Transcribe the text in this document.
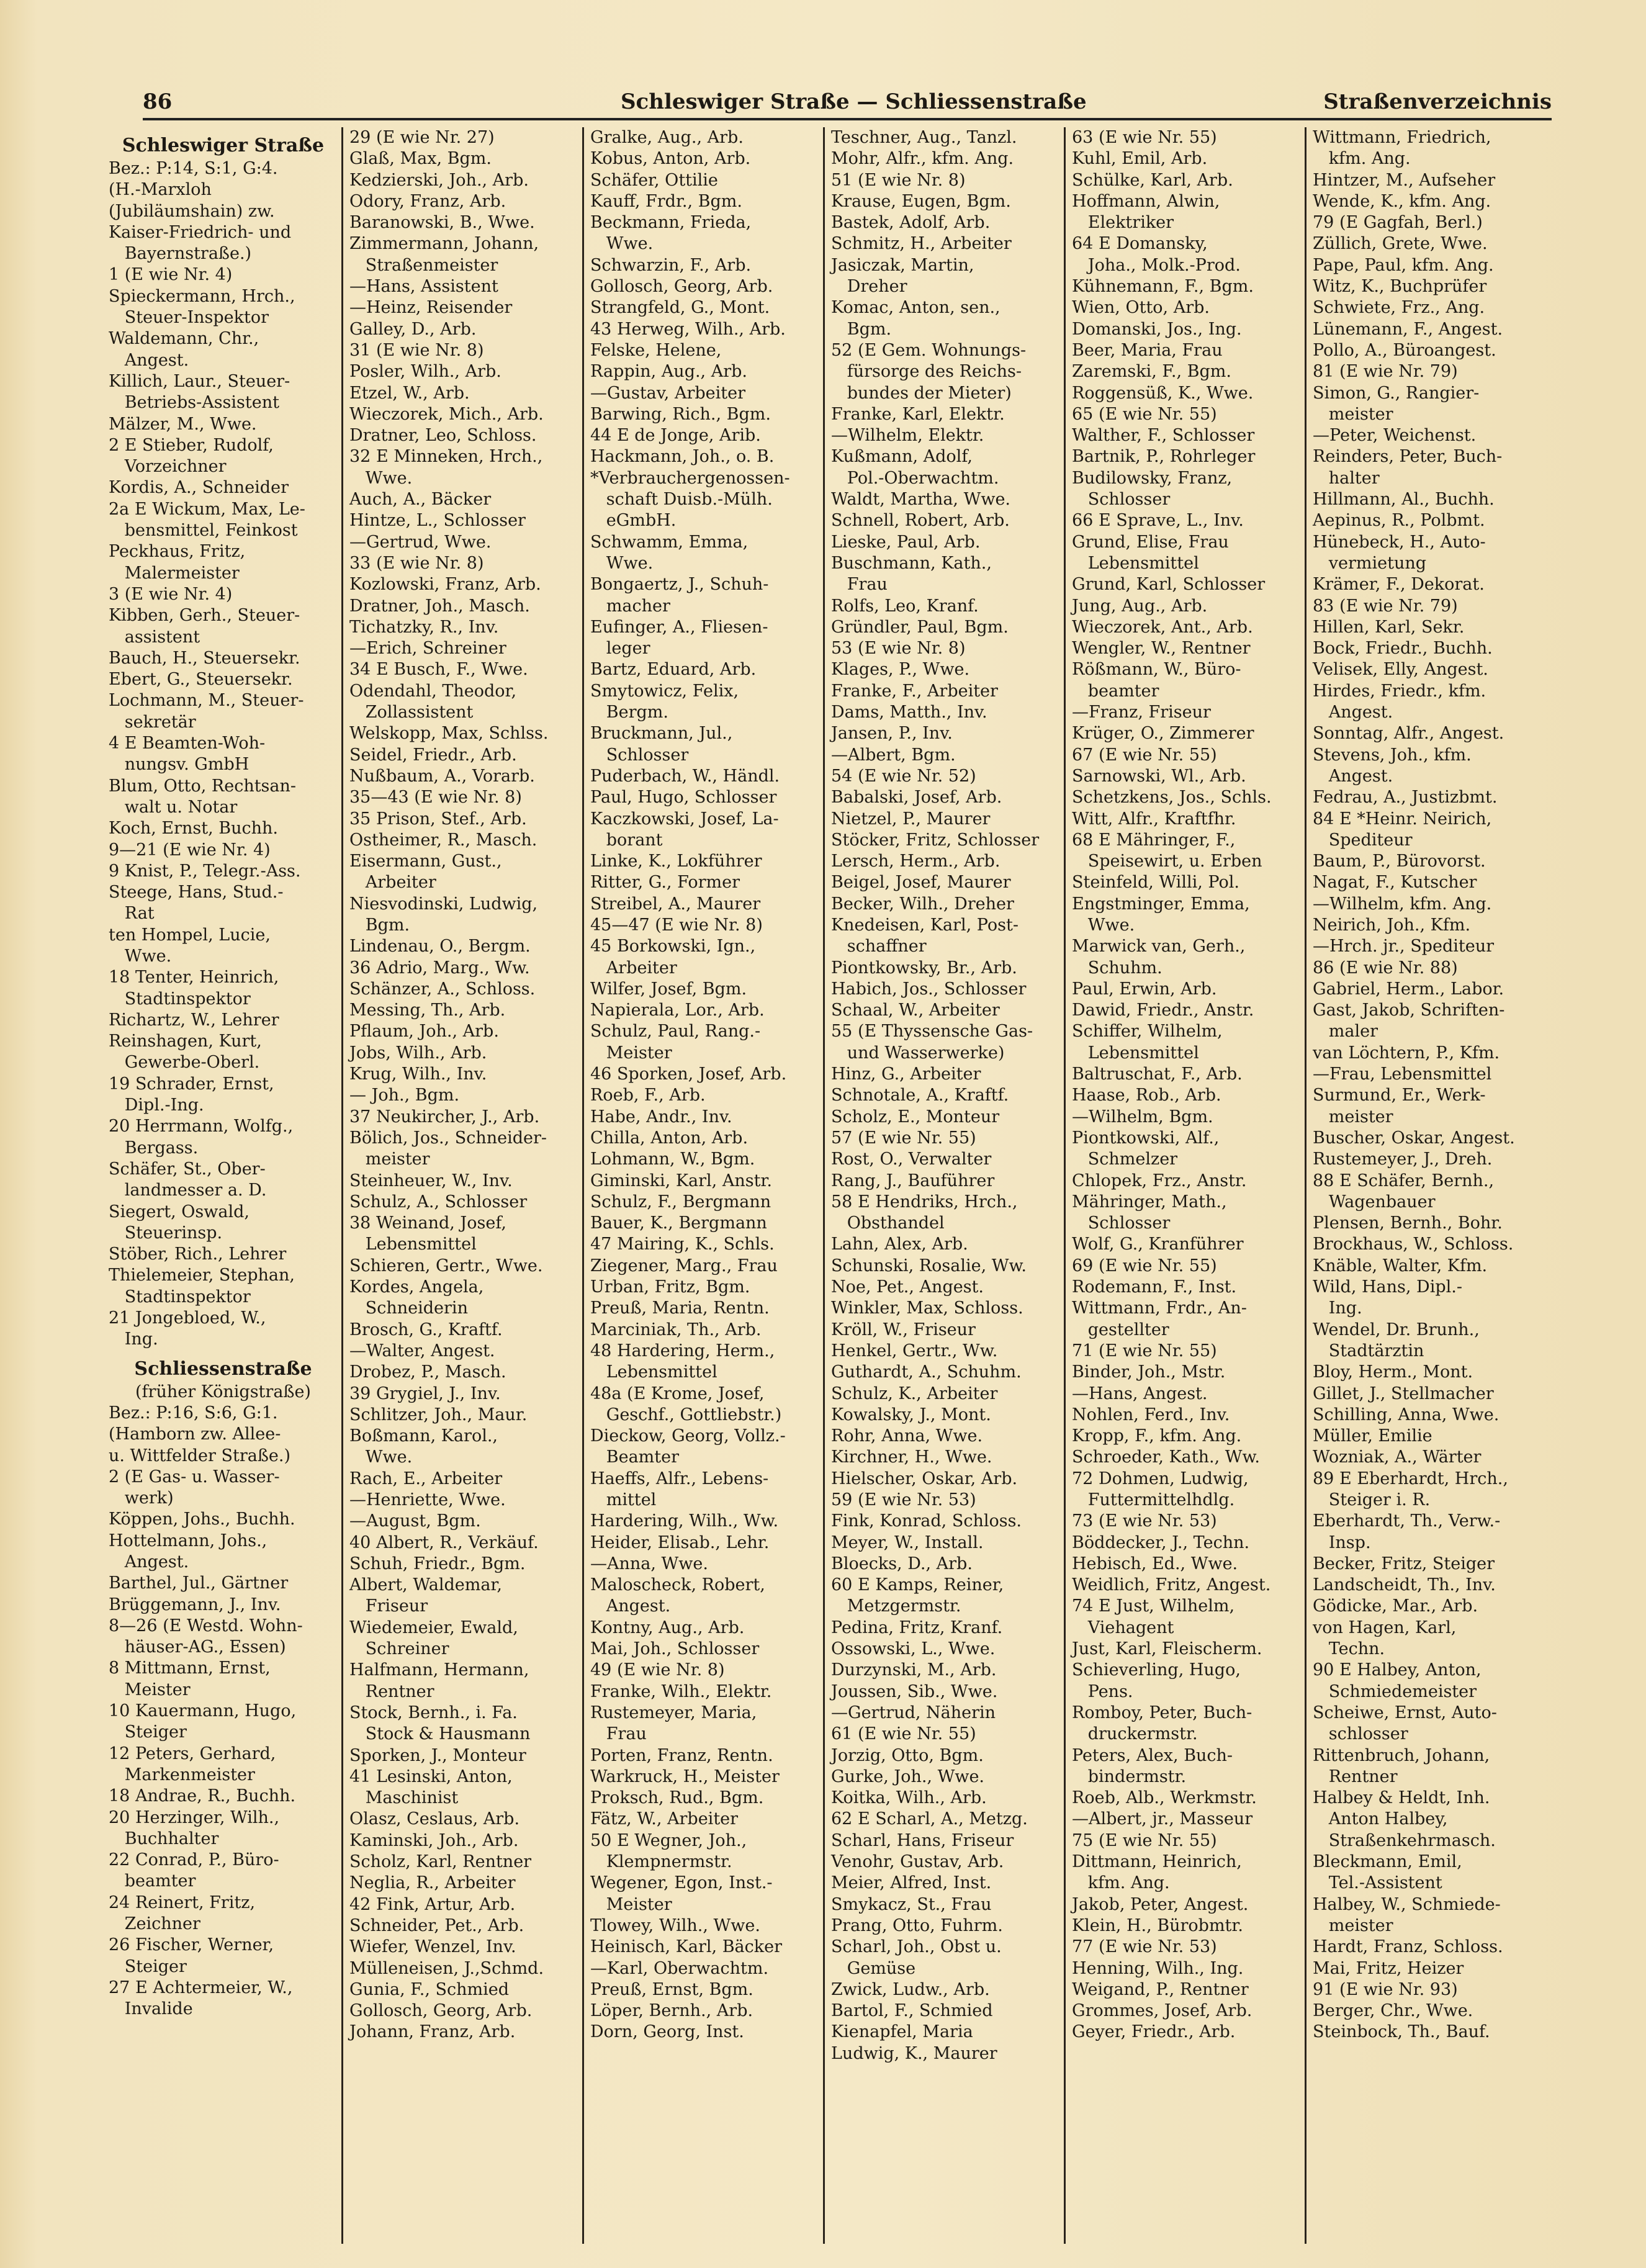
86	Schleswiger Straße — Schliessenstraße	Straßenverzeichnis
Schleswiger Straße
Bez.: P:14, S:1, G:4.
(H.-Marxloh
(Jubiläumshain) zw.
Kaiser-Friedrich- und
Bayernstraße.)
1 (E wie Nr. 4)
Spieckermann, Hrch.,
Steuer-Inspektor
Waldemann, Chr.,
Angest.
Killich, Laur., Steuer-
Betriebs-Assistent
Mälzer, M., Wwe.
2 E Stieber, Rudolf,
Vorzeichner
Kordis, A., Schneider
2a E Wickum, Max, Le-
bensmittel, Feinkost
Peckhaus, Fritz,
Malermeister
3 (E wie Nr. 4)
Kibben, Gerh., Steuer-
assistent
Bauch, H., Steuersekr.
Ebert, G., Steuersekr.
Lochmann, M., Steuer-
sekretär
4 E Beamten-Woh-
nungsv. GmbH
Blum, Otto, Rechtsan-
walt u. Notar
Koch, Ernst, Buchh.
9—21 (E wie Nr. 4)
9 Knist, P., Telegr.-Ass.
Steege, Hans, Stud.-
Rat
ten Hompel, Lucie,
Wwe.
18 Tenter, Heinrich,
Stadtinspektor
Richartz, W., Lehrer
Reinshagen, Kurt,
Gewerbe-Oberl.
19 Schrader, Ernst,
Dipl.-Ing.
20 Herrmann, Wolfg.,
Bergass.
Schäfer, St., Ober-
landmesser a. D.
Siegert, Oswald,
Steuerinsp.
Stöber, Rich., Lehrer
Thielemeier, Stephan,
Stadtinspektor
21 Jongebloed, W.,
Ing.
Schliessenstraße
(früher Königstraße)
Bez.: P:16, S:6, G:1.
(Hamborn zw. Allee-
u. Wittfelder Straße.)
2 (E Gas- u. Wasser-
werk)
Köppen, Johs., Buchh.
Hottelmann, Johs.,
Angest.
Barthel, Jul., Gärtner
Brüggemann, J., Inv.
8—26 (E Westd. Wohn-
häuser-AG., Essen)
8 Mittmann, Ernst,
Meister
10 Kauermann, Hugo,
Steiger
12 Peters, Gerhard,
Markenmeister
18 Andrae, R., Buchh.
20 Herzinger, Wilh.,
Buchhalter
22 Conrad, P., Büro-
beamter
24 Reinert, Fritz,
Zeichner
26 Fischer, Werner,
Steiger
27 E Achtermeier, W.,
Invalide
29 (E wie Nr. 27)
Glaß, Max, Bgm.
Kedzierski, Joh., Arb.
Odory, Franz, Arb.
Baranowski, B., Wwe.
Zimmermann, Johann,
Straßenmeister
—Hans, Assistent
—Heinz, Reisender
Galley, D., Arb.
31 (E wie Nr. 8)
Posler, Wilh., Arb.
Etzel, W., Arb.
Wieczorek, Mich., Arb.
Dratner, Leo, Schloss.
32 E Minneken, Hrch.,
Wwe.
Auch, A., Bäcker
Hintze, L., Schlosser
—Gertrud, Wwe.
33 (E wie Nr. 8)
Kozlowski, Franz, Arb.
Dratner, Joh., Masch.
Tichatzky, R., Inv.
—Erich, Schreiner
34 E Busch, F., Wwe.
Odendahl, Theodor,
Zollassistent
Welskopp, Max, Schlss.
Seidel, Friedr., Arb.
Nußbaum, A., Vorarb.
35—43 (E wie Nr. 8)
35 Prison, Stef., Arb.
Ostheimer, R., Masch.
Eisermann, Gust.,
Arbeiter
Niesvodinski, Ludwig,
Bgm.
Lindenau, O., Bergm.
36 Adrio, Marg., Ww.
Schänzer, A., Schloss.
Messing, Th., Arb.
Pflaum, Joh., Arb.
Jobs, Wilh., Arb.
Krug, Wilh., Inv.
— Joh., Bgm.
37 Neukircher, J., Arb.
Bölich, Jos., Schneider-
meister
Steinheuer, W., Inv.
Schulz, A., Schlosser
38 Weinand, Josef,
Lebensmittel
Schieren, Gertr., Wwe.
Kordes, Angela,
Schneiderin
Brosch, G., Kraftf.
—Walter, Angest.
Drobez, P., Masch.
39 Grygiel, J., Inv.
Schlitzer, Joh., Maur.
Boßmann, Karol.,
Wwe.
Rach, E., Arbeiter
—Henriette, Wwe.
—August, Bgm.
40 Albert, R., Verkäuf.
Schuh, Friedr., Bgm.
Albert, Waldemar,
Friseur
Wiedemeier, Ewald,
Schreiner
Halfmann, Hermann,
Rentner
Stock, Bernh., i. Fa.
Stock & Hausmann
Sporken, J., Monteur
41 Lesinski, Anton,
Maschinist
Olasz, Ceslaus, Arb.
Kaminski, Joh., Arb.
Scholz, Karl, Rentner
Neglia, R., Arbeiter
42 Fink, Artur, Arb.
Schneider, Pet., Arb.
Wiefer, Wenzel, Inv.
Mülleneisen, J.,Schmd.
Gunia, F., Schmied
Gollosch, Georg, Arb.
Johann, Franz, Arb.
Gralke, Aug., Arb.
Kobus, Anton, Arb.
Schäfer, Ottilie
Kauff, Frdr., Bgm.
Beckmann, Frieda,
Wwe.
Schwarzin, F., Arb.
Gollosch, Georg, Arb.
Strangfeld, G., Mont.
43 Herweg, Wilh., Arb.
Felske, Helene,
Rappin, Aug., Arb.
—Gustav, Arbeiter
Barwing, Rich., Bgm.
44 E de Jonge, Arib.
Hackmann, Joh., o. B.
*Verbrauchergenossen-
schaft Duisb.-Mülh.
eGmbH.
Schwamm, Emma,
Wwe.
Bongaertz, J., Schuh-
macher
Eufinger, A., Fliesen-
leger
Bartz, Eduard, Arb.
Smytowicz, Felix,
Bergm.
Bruckmann, Jul.,
Schlosser
Puderbach, W., Händl.
Paul, Hugo, Schlosser
Kaczkowski, Josef, La-
borant
Linke, K., Lokführer
Ritter, G., Former
Streibel, A., Maurer
45—47 (E wie Nr. 8)
45 Borkowski, Ign.,
Arbeiter
Wilfer, Josef, Bgm.
Napierala, Lor., Arb.
Schulz, Paul, Rang.-
Meister
46 Sporken, Josef, Arb.
Roeb, F., Arb.
Habe, Andr., Inv.
Chilla, Anton, Arb.
Lohmann, W., Bgm.
Giminski, Karl, Anstr.
Schulz, F., Bergmann
Bauer, K., Bergmann
47 Mairing, K., Schls.
Ziegener, Marg., Frau
Urban, Fritz, Bgm.
Preuß, Maria, Rentn.
Marciniak, Th., Arb.
48 Hardering, Herm.,
Lebensmittel
48a (E Krome, Josef,
Geschf., Gottliebstr.)
Dieckow, Georg, Vollz.-
Beamter
Haeffs, Alfr., Lebens-
mittel
Hardering, Wilh., Ww.
Heider, Elisab., Lehr.
—Anna, Wwe.
Maloscheck, Robert,
Angest.
Kontny, Aug., Arb.
Mai, Joh., Schlosser
49 (E wie Nr. 8)
Franke, Wilh., Elektr.
Rustemeyer, Maria,
Frau
Porten, Franz, Rentn.
Warkruck, H., Meister
Proksch, Rud., Bgm.
Fätz, W., Arbeiter
50 E Wegner, Joh.,
Klempnermstr.
Wegener, Egon, Inst.-
Meister
Tlowey, Wilh., Wwe.
Heinisch, Karl, Bäcker
—Karl, Oberwachtm.
Preuß, Ernst, Bgm.
Löper, Bernh., Arb.
Dorn, Georg, Inst.
Teschner, Aug., Tanzl.
Mohr, Alfr., kfm. Ang.
51 (E wie Nr. 8)
Krause, Eugen, Bgm.
Bastek, Adolf, Arb.
Schmitz, H., Arbeiter
Jasiczak, Martin,
Dreher
Komac, Anton, sen.,
Bgm.
52 (E Gem. Wohnungs-
fürsorge des Reichs-
bundes der Mieter)
Franke, Karl, Elektr.
—Wilhelm, Elektr.
Kußmann, Adolf,
Pol.-Oberwachtm.
Waldt, Martha, Wwe.
Schnell, Robert, Arb.
Lieske, Paul, Arb.
Buschmann, Kath.,
Frau
Rolfs, Leo, Kranf.
Gründler, Paul, Bgm.
53 (E wie Nr. 8)
Klages, P., Wwe.
Franke, F., Arbeiter
Dams, Matth., Inv.
Jansen, P., Inv.
—Albert, Bgm.
54 (E wie Nr. 52)
Babalski, Josef, Arb.
Nietzel, P., Maurer
Stöcker, Fritz, Schlosser
Lersch, Herm., Arb.
Beigel, Josef, Maurer
Becker, Wilh., Dreher
Knedeisen, Karl, Post-
schaffner
Piontkowsky, Br., Arb.
Habich, Jos., Schlosser
Schaal, W., Arbeiter
55 (E Thyssensche Gas-
und Wasserwerke)
Hinz, G., Arbeiter
Schnotale, A., Kraftf.
Scholz, E., Monteur
57 (E wie Nr. 55)
Rost, O., Verwalter
Rang, J., Bauführer
58 E Hendriks, Hrch.,
Obsthandel
Lahn, Alex, Arb.
Schunski, Rosalie, Ww.
Noe, Pet., Angest.
Winkler, Max, Schloss.
Kröll, W., Friseur
Henkel, Gertr., Ww.
Guthardt, A., Schuhm.
Schulz, K., Arbeiter
Kowalsky, J., Mont.
Rohr, Anna, Wwe.
Kirchner, H., Wwe.
Hielscher, Oskar, Arb.
59 (E wie Nr. 53)
Fink, Konrad, Schloss.
Meyer, W., Install.
Bloecks, D., Arb.
60 E Kamps, Reiner,
Metzgermstr.
Pedina, Fritz, Kranf.
Ossowski, L., Wwe.
Durzynski, M., Arb.
Joussen, Sib., Wwe.
—Gertrud, Näherin
61 (E wie Nr. 55)
Jorzig, Otto, Bgm.
Gurke, Joh., Wwe.
Koitka, Wilh., Arb.
62 E Scharl, A., Metzg.
Scharl, Hans, Friseur
Venohr, Gustav, Arb.
Meier, Alfred, Inst.
Smykacz, St., Frau
Prang, Otto, Fuhrm.
Scharl, Joh., Obst u.
Gemüse
Zwick, Ludw., Arb.
Bartol, F., Schmied
Kienapfel, Maria
Ludwig, K., Maurer
63 (E wie Nr. 55)
Kuhl, Emil, Arb.
Schülke, Karl, Arb.
Hoffmann, Alwin,
Elektriker
64 E Domansky,
Joha., Molk.-Prod.
Kühnemann, F., Bgm.
Wien, Otto, Arb.
Domanski, Jos., Ing.
Beer, Maria, Frau
Zaremski, F., Bgm.
Roggensüß, K., Wwe.
65 (E wie Nr. 55)
Walther, F., Schlosser
Bartnik, P., Rohrleger
Budilowsky, Franz,
Schlosser
66 E Sprave, L., Inv.
Grund, Elise, Frau
Lebensmittel
Grund, Karl, Schlosser
Jung, Aug., Arb.
Wieczorek, Ant., Arb.
Wengler, W., Rentner
Rößmann, W., Büro-
beamter
—Franz, Friseur
Krüger, O., Zimmerer
67 (E wie Nr. 55)
Sarnowski, Wl., Arb.
Schetzkens, Jos., Schls.
Witt, Alfr., Kraftfhr.
68 E Mähringer, F.,
Speisewirt, u. Erben
Steinfeld, Willi, Pol.
Engstminger, Emma,
Wwe.
Marwick van, Gerh.,
Schuhm.
Paul, Erwin, Arb.
Dawid, Friedr., Anstr.
Schiffer, Wilhelm,
Lebensmittel
Baltruschat, F., Arb.
Haase, Rob., Arb.
—Wilhelm, Bgm.
Piontkowski, Alf.,
Schmelzer
Chlopek, Frz., Anstr.
Mähringer, Math.,
Schlosser
Wolf, G., Kranführer
69 (E wie Nr. 55)
Rodemann, F., Inst.
Wittmann, Frdr., An-
gestellter
71 (E wie Nr. 55)
Binder, Joh., Mstr.
—Hans, Angest.
Nohlen, Ferd., Inv.
Kropp, F., kfm. Ang.
Schroeder, Kath., Ww.
72 Dohmen, Ludwig,
Futtermittelhdlg.
73 (E wie Nr. 53)
Böddecker, J., Techn.
Hebisch, Ed., Wwe.
Weidlich, Fritz, Angest.
74 E Just, Wilhelm,
Viehagent
Just, Karl, Fleischerm.
Schieverling, Hugo,
Pens.
Romboy, Peter, Buch-
druckermstr.
Peters, Alex, Buch-
bindermstr.
Roeb, Alb., Werkmstr.
—Albert, jr., Masseur
75 (E wie Nr. 55)
Dittmann, Heinrich,
kfm. Ang.
Jakob, Peter, Angest.
Klein, H., Bürobmtr.
77 (E wie Nr. 53)
Henning, Wilh., Ing.
Weigand, P., Rentner
Grommes, Josef, Arb.
Geyer, Friedr., Arb.
Wittmann, Friedrich,
kfm. Ang.
Hintzer, M., Aufseher
Wende, K., kfm. Ang.
79 (E Gagfah, Berl.)
Züllich, Grete, Wwe.
Pape, Paul, kfm. Ang.
Witz, K., Buchprüfer
Schwiete, Frz., Ang.
Lünemann, F., Angest.
Pollo, A., Büroangest.
81 (E wie Nr. 79)
Simon, G., Rangier-
meister
—Peter, Weichenst.
Reinders, Peter, Buch-
halter
Hillmann, Al., Buchh.
Aepinus, R., Polbmt.
Hünebeck, H., Auto-
vermietung
Krämer, F., Dekorat.
83 (E wie Nr. 79)
Hillen, Karl, Sekr.
Bock, Friedr., Buchh.
Velisek, Elly, Angest.
Hirdes, Friedr., kfm.
Angest.
Sonntag, Alfr., Angest.
Stevens, Joh., kfm.
Angest.
Fedrau, A., Justizbmt.
84 E *Heinr. Neirich,
Spediteur
Baum, P., Bürovorst.
Nagat, F., Kutscher
—Wilhelm, kfm. Ang.
Neirich, Joh., Kfm.
—Hrch. jr., Spediteur
86 (E wie Nr. 88)
Gabriel, Herm., Labor.
Gast, Jakob, Schriften-
maler
van Löchtern, P., Kfm.
—Frau, Lebensmittel
Surmund, Er., Werk-
meister
Buscher, Oskar, Angest.
Rustemeyer, J., Dreh.
88 E Schäfer, Bernh.,
Wagenbauer
Plensen, Bernh., Bohr.
Brockhaus, W., Schloss.
Knäble, Walter, Kfm.
Wild, Hans, Dipl.-
Ing.
Wendel, Dr. Brunh.,
Stadtärztin
Bloy, Herm., Mont.
Gillet, J., Stellmacher
Schilling, Anna, Wwe.
Müller, Emilie
Wozniak, A., Wärter
89 E Eberhardt, Hrch.,
Steiger i. R.
Eberhardt, Th., Verw.-
Insp.
Becker, Fritz, Steiger
Landscheidt, Th., Inv.
Gödicke, Mar., Arb.
von Hagen, Karl,
Techn.
90 E Halbey, Anton,
Schmiedemeister
Scheiwe, Ernst, Auto-
schlosser
Rittenbruch, Johann,
Rentner
Halbey & Heldt, Inh.
Anton Halbey,
Straßenkehrmasch.
Bleckmann, Emil,
Tel.-Assistent
Halbey, W., Schmiede-
meister
Hardt, Franz, Schloss.
Mai, Fritz, Heizer
91 (E wie Nr. 93)
Berger, Chr., Wwe.
Steinbock, Th., Bauf.
